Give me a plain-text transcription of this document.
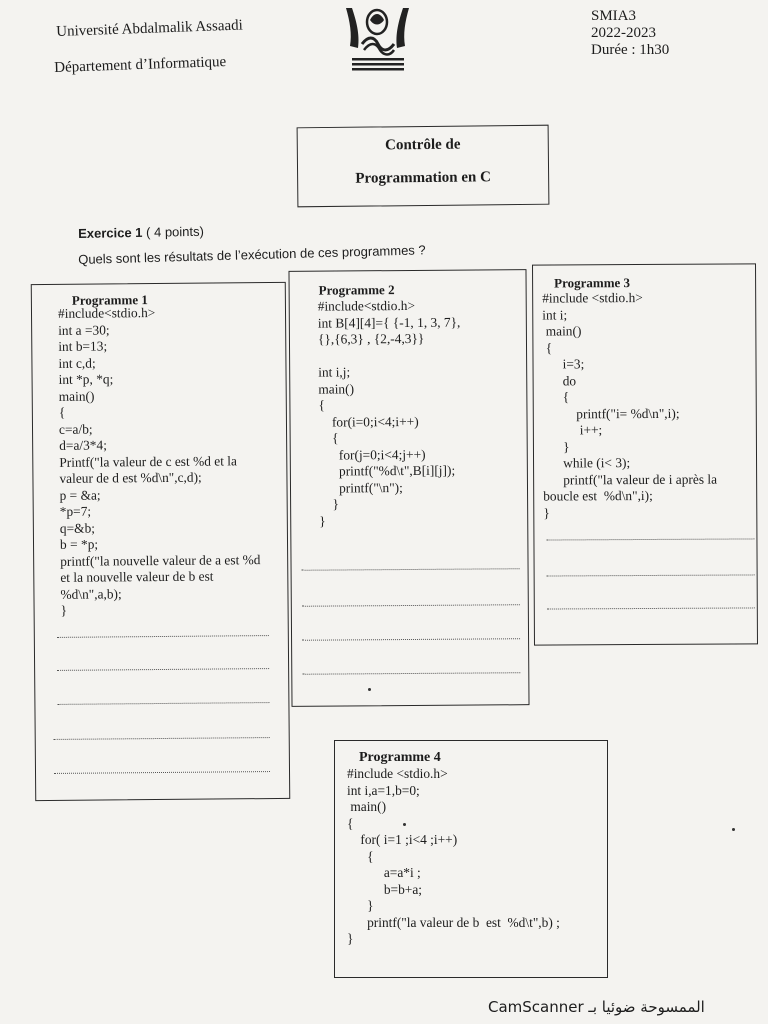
Université Abdalmalik Assaadi
Département d’Informatique
SMIA3
2022-2023
Durée : 1h30
Contrôle de
Programmation en C
Exercice 1 ( 4 points)
Quels sont les résultats de l’exécution de ces programmes ?
Programme 1
#include<stdio.h>
int a =30;
int b=13;
int c,d;
int *p, *q;
main()
{
c=a/b;
d=a/3*4;
Printf("la valeur de c est %d et la
valeur de d est %d\n",c,d);
p = &a;
*p=7;
q=&b;
b = *p;
printf("la nouvelle valeur de a est %d
et la nouvelle valeur de b est
%d\n",a,b);
}
Programme 2
#include<stdio.h>
int B[4][4]={ {-1, 1, 3, 7},
{},{6,3} , {2,-4,3}}

int i,j;
main()
{
for(i=0;i<4;i++)
{
for(j=0;i<4;j++)
printf("%d\t",B[i][j]);
printf("\n");
}
}
Programme 3
#include <stdio.h>
int i;
main()
{
i=3;
do
{
printf("i= %d\n",i);
i++;
}
while (i< 3);
printf("la valeur de i après la
boucle est  %d\n",i);
}
Programme 4
#include <stdio.h>
int i,a=1,b=0;
main()
{
for( i=1 ;i<4 ;i++)
{
a=a*i ;
b=b+a;
}
printf("la valeur de b  est  %d\t",b) ;
}
CamScanner الممسوحة ضوئيا بـ
